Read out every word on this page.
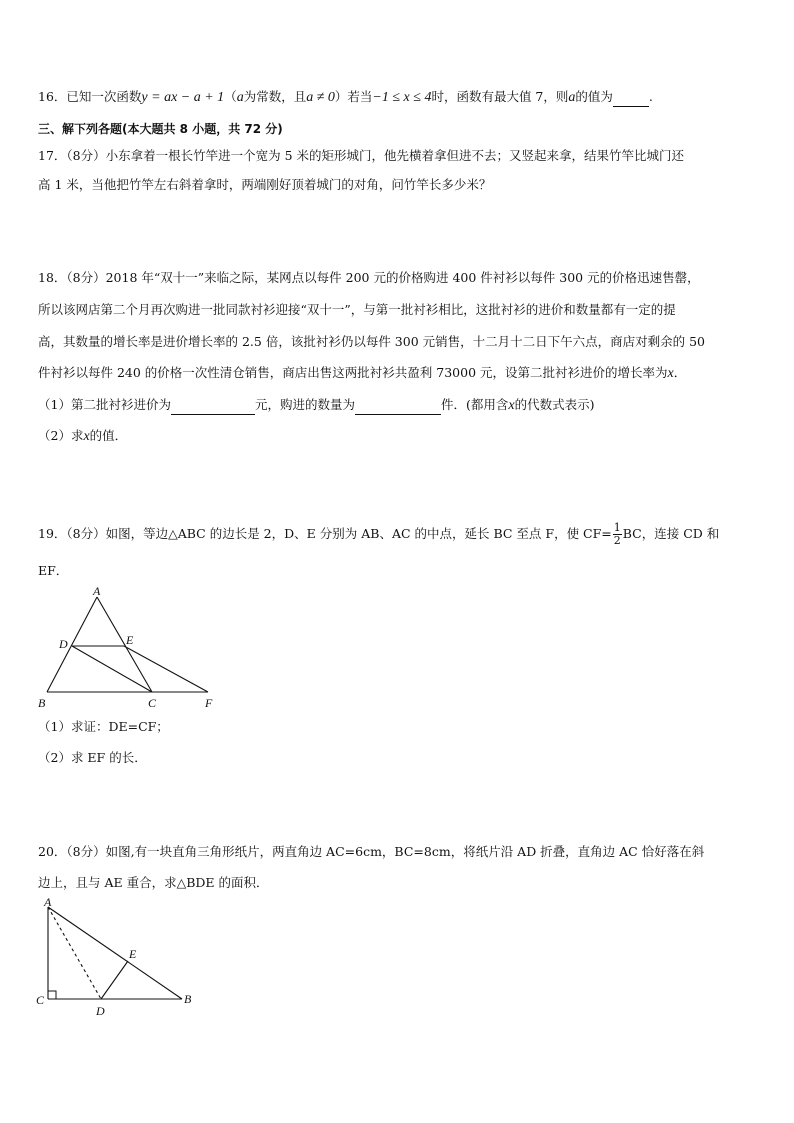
16．已知一次函数y = ax − a + 1（a为常数，且a ≠ 0）若当−1 ≤ x ≤ 4时，函数有最大值 7，则a的值为	.
三、解下列各题(本大题共 8 小题，共 72 分)
17．（8分）小东拿着一根长竹竿进一个宽为 5 米的矩形城门，他先横着拿但进不去；又竖起来拿，结果竹竿比城门还
高 1 米，当他把竹竿左右斜着拿时，两端刚好顶着城门的对角，问竹竿长多少米？
18．（8分）2018 年“双十一”来临之际，某网点以每件 200 元的价格购进 400 件衬衫以每件 300 元的价格迅速售罄，
所以该网店第二个月再次购进一批同款衬衫迎接“双十一”，与第一批衬衫相比，这批衬衫的进价和数量都有一定的提
高，其数量的增长率是进价增长率的 2.5 倍，该批衬衫仍以每件 300 元销售，十二月十二日下午六点，商店对剩余的 50
件衬衫以每件 240 的价格一次性清仓销售，商店出售这两批衬衫共盈利 73000 元，设第二批衬衫进价的增长率为x．
（1）第二批衬衫进价为	元，购进的数量为	件．(都用含x的代数式表示)
（2）求x的值．
19．（8分）如图，等边△ABC 的边长是 2，D、E 分别为 AB、AC 的中点，延长 BC 至点 F，使 $CF= \frac{1}{2}$ BC，连接 CD 和
EF．
A
D	E
B	C	F
（1）求证：DE=CF；
（2）求 EF 的长．
20．（8分）如图,有一块直角三角形纸片，两直角边 AC=6cm，BC=8cm，将纸片沿 AD 折叠，直角边 AC 恰好落在斜
边上，且与 AE 重合，求△BDE 的面积．
A
E
C
D
B
